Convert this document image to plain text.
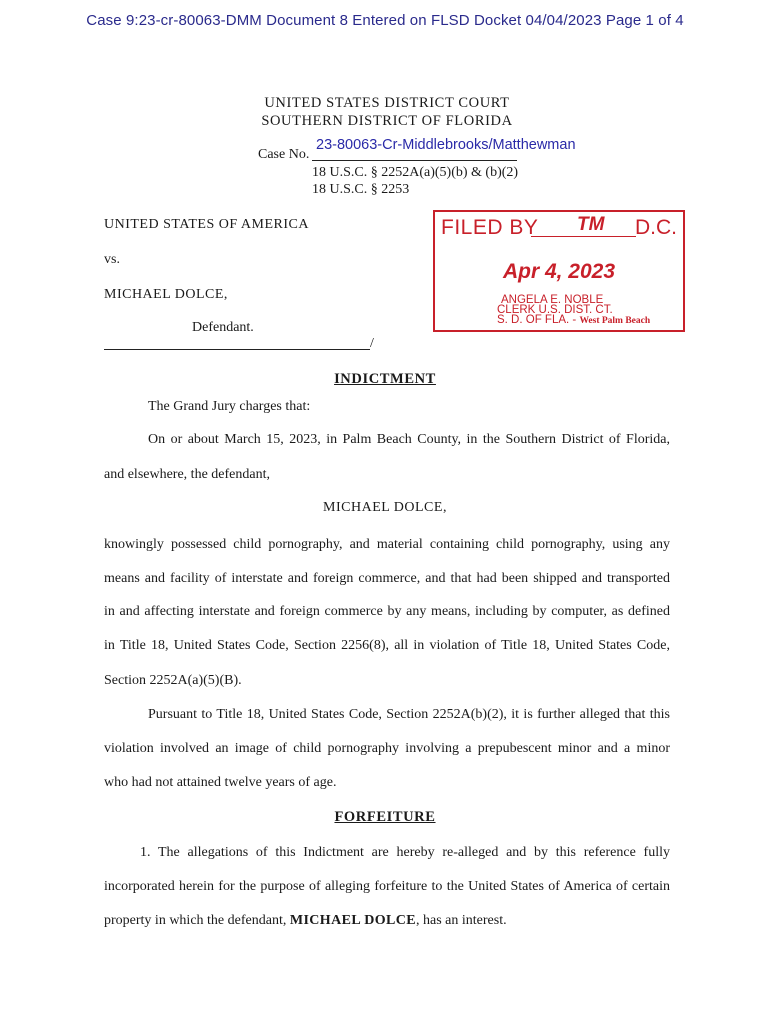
Case 9:23-cr-80063-DMM Document 8 Entered on FLSD Docket 04/04/2023 Page 1 of 4
UNITED STATES DISTRICT COURT
SOUTHERN DISTRICT OF FLORIDA
Case No.
23-80063-Cr-Middlebrooks/Matthewman
18 U.S.C. § 2252A(a)(5)(b) & (b)(2)
18 U.S.C. § 2253
UNITED STATES OF AMERICA
vs.
MICHAEL DOLCE,
Defendant.
/
FILED BY TM D.C.
Apr 4, 2023
ANGELA E. NOBLE
CLERK U.S. DIST. CT.
S. D. OF FLA. - West Palm Beach
INDICTMENT
The Grand Jury charges that:
On or about March 15, 2023, in Palm Beach County, in the Southern District of Florida,
and elsewhere, the defendant,
MICHAEL DOLCE,
knowingly possessed child pornography, and material containing child pornography, using any
means and facility of interstate and foreign commerce, and that had been shipped and transported
in and affecting interstate and foreign commerce by any means, including by computer, as defined
in Title 18, United States Code, Section 2256(8), all in violation of Title 18, United States Code,
Section 2252A(a)(5)(B).
Pursuant to Title 18, United States Code, Section 2252A(b)(2), it is further alleged that this
violation involved an image of child pornography involving a prepubescent minor and a minor
who had not attained twelve years of age.
FORFEITURE
1. The allegations of this Indictment are hereby re-alleged and by this reference fully
incorporated herein for the purpose of alleging forfeiture to the United States of America of certain
property in which the defendant, MICHAEL DOLCE, has an interest.
